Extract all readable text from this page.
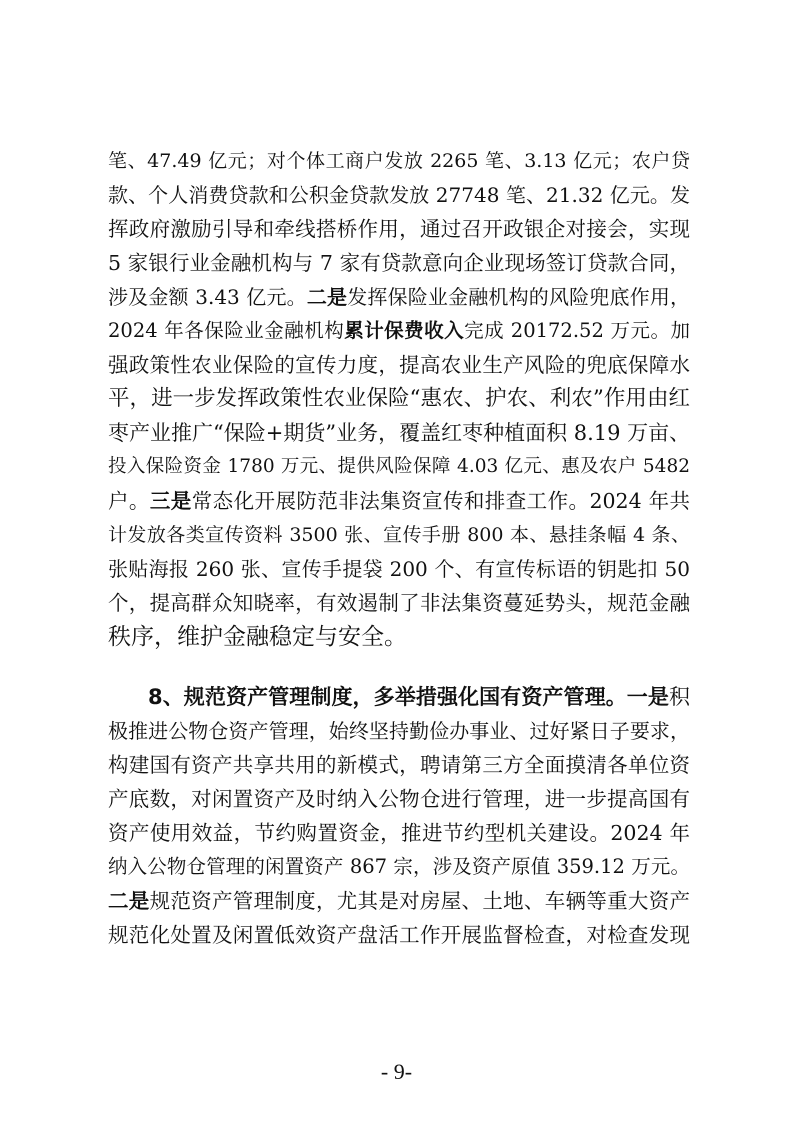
笔、47.49 亿元；对个体工商户发放 2265 笔、3.13 亿元；农户贷
款、个人消费贷款和公积金贷款发放 27748 笔、21.32 亿元。发
挥政府激励引导和牵线搭桥作用，通过召开政银企对接会，实现
5 家银行业金融机构与 7 家有贷款意向企业现场签订贷款合同，
涉及金额 3.43 亿元。二是发挥保险业金融机构的风险兜底作用，
2024 年各保险业金融机构累计保费收入完成 20172.52 万元。加
强政策性农业保险的宣传力度，提高农业生产风险的兜底保障水
平，进一步发挥政策性农业保险“惠农、护农、利农”作用由红
枣产业推广“保险+期货”业务，覆盖红枣种植面积 8.19 万亩、
投入保险资金 1780 万元、提供风险保障 4.03 亿元、惠及农户 5482
户。三是常态化开展防范非法集资宣传和排查工作。2024 年共
计发放各类宣传资料 3500 张、宣传手册 800 本、悬挂条幅 4 条、
张贴海报 260 张、宣传手提袋 200 个、有宣传标语的钥匙扣 50
个，提高群众知晓率，有效遏制了非法集资蔓延势头，规范金融
秩序，维护金融稳定与安全。
8、规范资产管理制度，多举措强化国有资产管理。一是积
极推进公物仓资产管理，始终坚持勤俭办事业、过好紧日子要求，
构建国有资产共享共用的新模式，聘请第三方全面摸清各单位资
产底数，对闲置资产及时纳入公物仓进行管理，进一步提高国有
资产使用效益，节约购置资金，推进节约型机关建设。2024 年
纳入公物仓管理的闲置资产 867 宗，涉及资产原值 359.12 万元。
二是规范资产管理制度，尤其是对房屋、土地、车辆等重大资产
规范化处置及闲置低效资产盘活工作开展监督检查，对检查发现
- 9-
